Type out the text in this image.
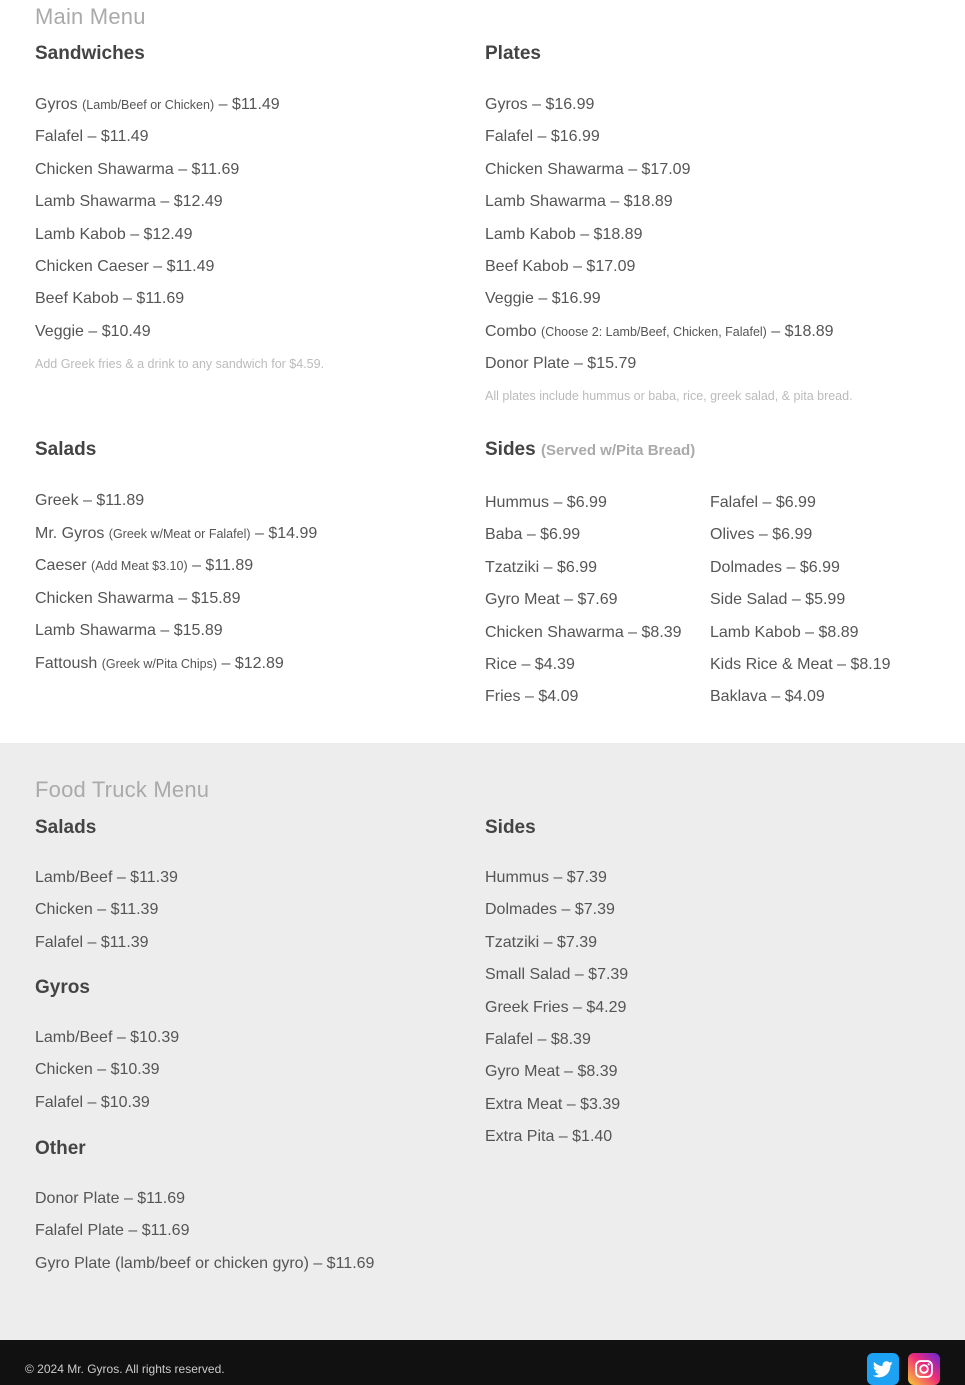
Main Menu
Sandwiches
Gyros (Lamb/Beef or Chicken) – $11.49
Falafel – $11.49
Chicken Shawarma – $11.69
Lamb Shawarma – $12.49
Lamb Kabob – $12.49
Chicken Caeser – $11.49
Beef Kabob – $11.69
Veggie – $10.49

Add Greek fries & a drink to any sandwich for $4.59.

Plates
Gyros – $16.99
Falafel – $16.99
Chicken Shawarma – $17.09
Lamb Shawarma – $18.89
Lamb Kabob – $18.89
Beef Kabob – $17.09
Veggie – $16.99
Combo (Choose 2: Lamb/Beef, Chicken, Falafel) – $18.89
Donor Plate – $15.79

All plates include hummus or baba, rice, greek salad, & pita bread.

Salads
Greek – $11.89
Mr. Gyros (Greek w/Meat or Falafel) – $14.99
Caeser (Add Meat $3.10) – $11.89
Chicken Shawarma – $15.89
Lamb Shawarma – $15.89
Fattoush (Greek w/Pita Chips) – $12.89
Sides (Served w/Pita Bread)
Hummus – $6.99
Baba – $6.99
Tzatziki – $6.99
Gyro Meat – $7.69
Chicken Shawarma – $8.39
Rice – $4.39
Fries – $4.09
Falafel – $6.99
Olives – $6.99
Dolmades – $6.99
Side Salad – $5.99
Lamb Kabob – $8.89
Kids Rice & Meat – $8.19
Baklava – $4.09
Food Truck Menu
Salads
Lamb/Beef – $11.39
Chicken – $11.39
Falafel – $11.39
Gyros
Lamb/Beef – $10.39
Chicken – $10.39
Falafel – $10.39
Other
Donor Plate – $11.69
Falafel Plate – $11.69
Gyro Plate (lamb/beef or chicken gyro) – $11.69
Sides
Hummus – $7.39
Dolmades – $7.39
Tzatziki – $7.39
Small Salad – $7.39
Greek Fries – $4.29
Falafel – $8.39
Gyro Meat – $8.39
Extra Meat – $3.39
Extra Pita – $1.40
© 2024 Mr. Gyros. All rights reserved.
